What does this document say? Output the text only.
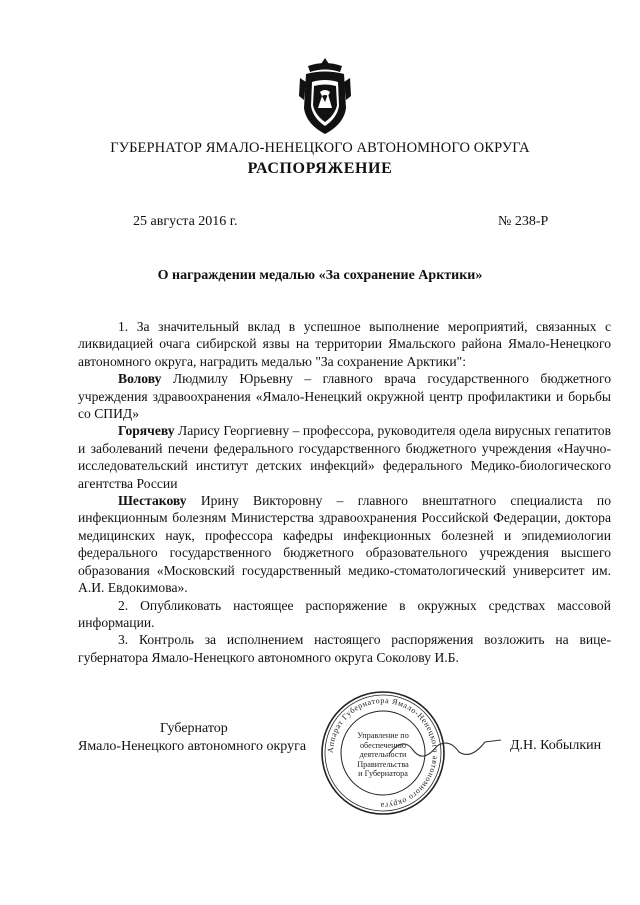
ГУБЕРНАТОР ЯМАЛО-НЕНЕЦКОГО АВТОНОМНОГО ОКРУГА
РАСПОРЯЖЕНИЕ
25 августа 2016 г.	№ 238-Р
О награждении медалью «За сохранение Арктики»

1. За значительный вклад в успешное выполнение мероприятий, связанных с ликвидацией очага сибирской язвы на территории Ямальского района Ямало-Ненецкого автономного округа, наградить медалью "За сохранение Арктики":

Волову Людмилу Юрьевну – главного врача государственного бюджетного учреждения здравоохранения «Ямало-Ненецкий окружной центр профилактики и борьбы со СПИД»

Горячеву Ларису Георгиевну – профессора, руководителя одела вирусных гепатитов и заболеваний печени федерального государственного бюджетного учреждения «Научно-исследовательский институт детских инфекций» федерального Медико-биологического агентства России

Шестакову Ирину Викторовну – главного внештатного специалиста по инфекционным болезням Министерства здравоохранения Российской Федерации, доктора медицинских наук, профессора кафедры инфекционных болезней и эпидемиологии федерального государственного бюджетного образовательного учреждения высшего образования «Московский государственный медико-стоматологический университет им. А.И. Евдокимова».

2. Опубликовать настоящее распоряжение в окружных средствах массовой информации.

3. Контроль за исполнением настоящего распоряжения возложить на вице-губернатора Ямало-Ненецкого автономного округа Соколову И.Б.

Губернатор
Ямало-Ненецкого автономного округа	Д.Н. Кобылкин
Аппарат Губернатора Ямало-Ненецкого автономного округа
Управление по
обеспечению
деятельности
Правительства
и Губернатора
